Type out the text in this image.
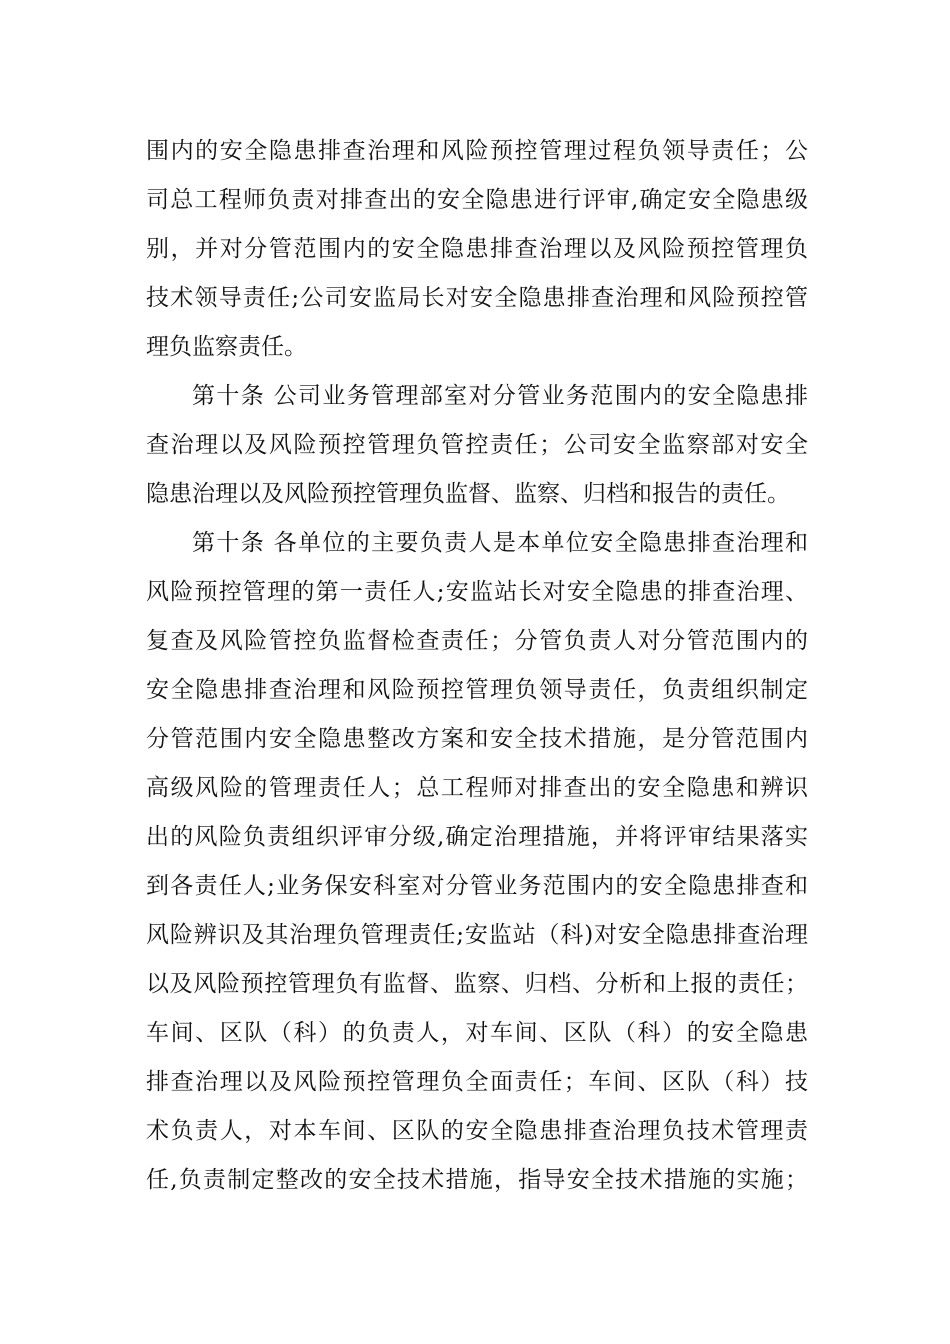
围内的安全隐患排查治理和风险预控管理过程负领导责任；公
司总工程师负责对排查出的安全隐患进行评审,确定安全隐患级
别，并对分管范围内的安全隐患排查治理以及风险预控管理负
技术领导责任;公司安监局长对安全隐患排查治理和风险预控管
理负监察责任。
第十条 公司业务管理部室对分管业务范围内的安全隐患排
查治理以及风险预控管理负管控责任；公司安全监察部对安全
隐患治理以及风险预控管理负监督、监察、归档和报告的责任。
第十条 各单位的主要负责人是本单位安全隐患排查治理和
风险预控管理的第一责任人;安监站长对安全隐患的排查治理、
复查及风险管控负监督检查责任；分管负责人对分管范围内的
安全隐患排查治理和风险预控管理负领导责任，负责组织制定
分管范围内安全隐患整改方案和安全技术措施，是分管范围内
高级风险的管理责任人；总工程师对排查出的安全隐患和辨识
出的风险负责组织评审分级,确定治理措施，并将评审结果落实
到各责任人;业务保安科室对分管业务范围内的安全隐患排查和
风险辨识及其治理负管理责任;安监站（科)对安全隐患排查治理
以及风险预控管理负有监督、监察、归档、分析和上报的责任；
车间、区队（科）的负责人，对车间、区队（科）的安全隐患
排查治理以及风险预控管理负全面责任；车间、区队（科）技
术负责人，对本车间、区队的安全隐患排查治理负技术管理责
任,负责制定整改的安全技术措施，指导安全技术措施的实施；
